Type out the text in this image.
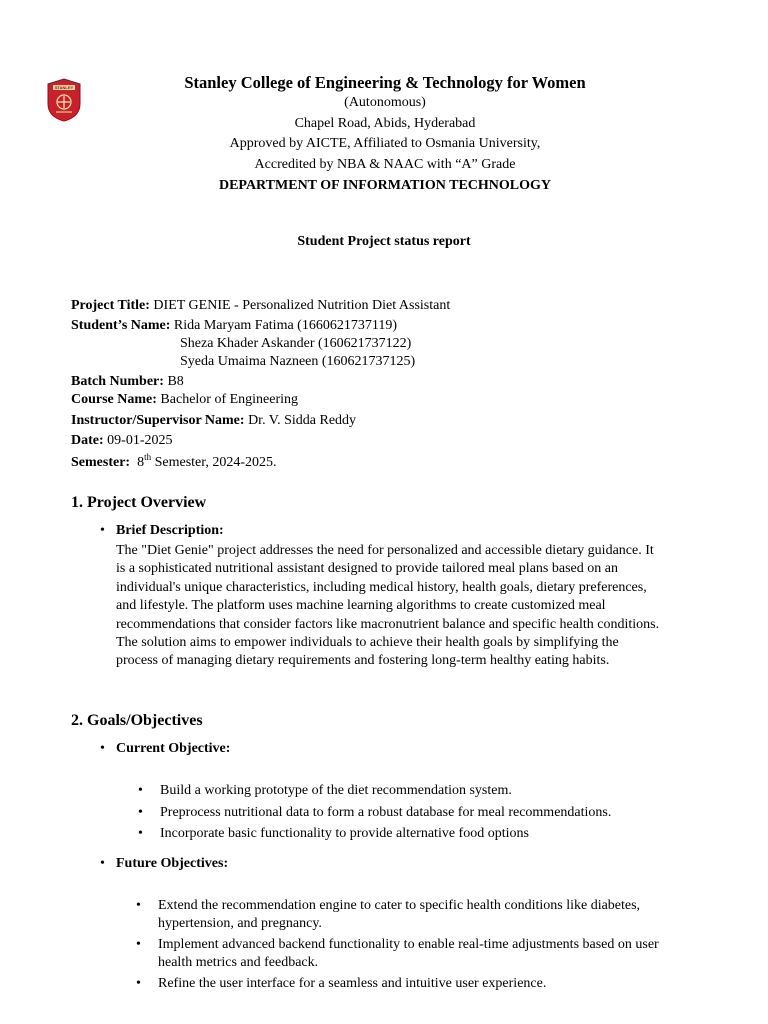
STANLEY	Stanley College of Engineering & Technology for Women
(Autonomous)
Chapel Road, Abids, Hyderabad
Approved by AICTE, Affiliated to Osmania University,
Accredited by NBA & NAAC with “A” Grade
DEPARTMENT OF INFORMATION TECHNOLOGY
Student Project status report
Project Title: DIET GENIE - Personalized Nutrition Diet Assistant
Student’s Name: Rida Maryam Fatima (1660621737119)
Sheza Khader Askander (160621737122)
Syeda Umaima Nazneen (160621737125)
Batch Number: B8
Course Name: Bachelor of Engineering
Instructor/Supervisor Name: Dr. V. Sidda Reddy
Date: 09-01-2025
Semester: 8th Semester, 2024-2025.
1. Project Overview
• Brief Description:
The "Diet Genie" project addresses the need for personalized and accessible dietary guidance. It
is a sophisticated nutritional assistant designed to provide tailored meal plans based on an
individual's unique characteristics, including medical history, health goals, dietary preferences,
and lifestyle. The platform uses machine learning algorithms to create customized meal
recommendations that consider factors like macronutrient balance and specific health conditions.
The solution aims to empower individuals to achieve their health goals by simplifying the
process of managing dietary requirements and fostering long-term healthy eating habits.
2. Goals/Objectives
• Current Objective:
• Build a working prototype of the diet recommendation system.
• Preprocess nutritional data to form a robust database for meal recommendations.
• Incorporate basic functionality to provide alternative food options
• Future Objectives:
• Extend the recommendation engine to cater to specific health conditions like diabetes,
hypertension, and pregnancy.
• Implement advanced backend functionality to enable real-time adjustments based on user
health metrics and feedback.
• Refine the user interface for a seamless and intuitive user experience.
